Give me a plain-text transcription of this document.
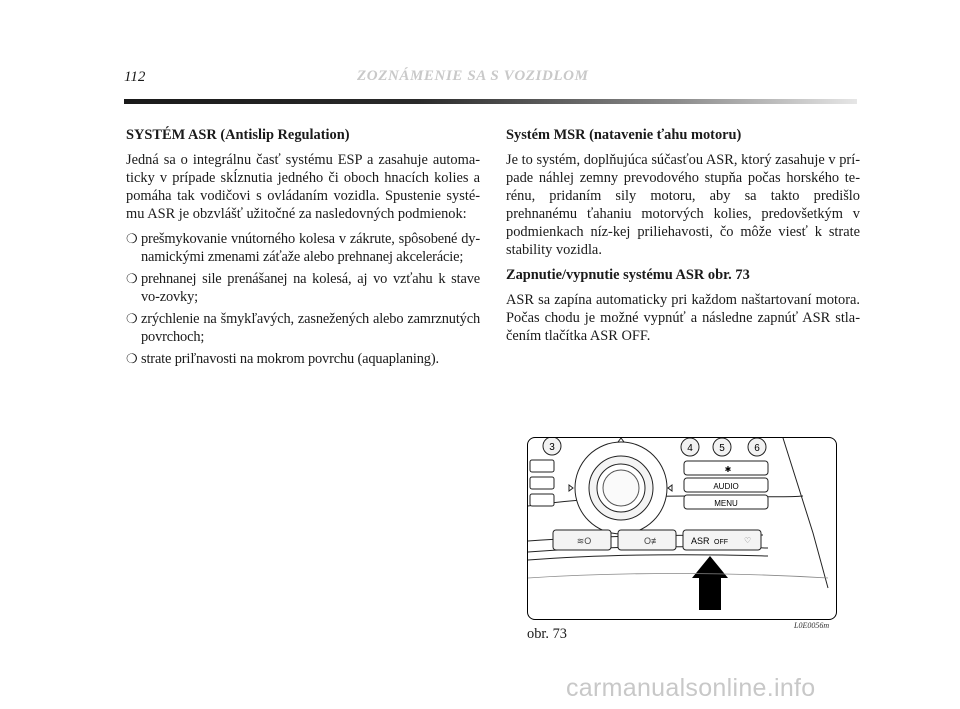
112	ZOZNÁMENIE SA S VOZIDLOM
SYSTÉM ASR (Antislip Regulation)

Jedná sa o integrálnu časť systému ESP a zasahuje automa-ticky v prípade skĺznutia jedného či oboch hnacích kolies a pomáha tak vodičovi s ovládaním vozidla. Spustenie systé-mu ASR je obzvlášť užitočné za nasledovných podmienok:

❍ prešmykovanie vnútorného kolesa v zákrute, spôsobené dy-namickými zmenami záťaže alebo prehnanej akcelerácie;
❍ prehnanej sile prenášanej na kolesá, aj vo vzťahu k stave vo-zovky;
❍ zrýchlenie na šmykľavých, zasnežených alebo zamrznutých povrchoch;
❍ strate priľnavosti na mokrom povrchu (aquaplaning).
Systém MSR (natavenie ťahu motoru)

Je to systém, doplňujúca súčasťou ASR, ktorý zasahuje v prí-pade náhlej zemny prevodového stupňa počas horského te-rénu, pridaním sily motoru, aby sa takto predišlo prehnanému ťahaniu motorvých kolies, predovšetkým v podmienkach níz-kej priliehavosti, čo môže viesť k strate stability vozidla.

Zapnutie/vypnutie systému ASR obr. 73

ASR sa zapína automaticky pri každom naštartovaní motora. Počas chodu je možné vypnúť a následne zapnúť ASR stla-čením tlačítka ASR OFF.

3	4	5	6
✱
AUDIO
MENU
≋O	O≢	ASR OFF ♡
obr. 73
L0E0056m
carmanualsonline.info
